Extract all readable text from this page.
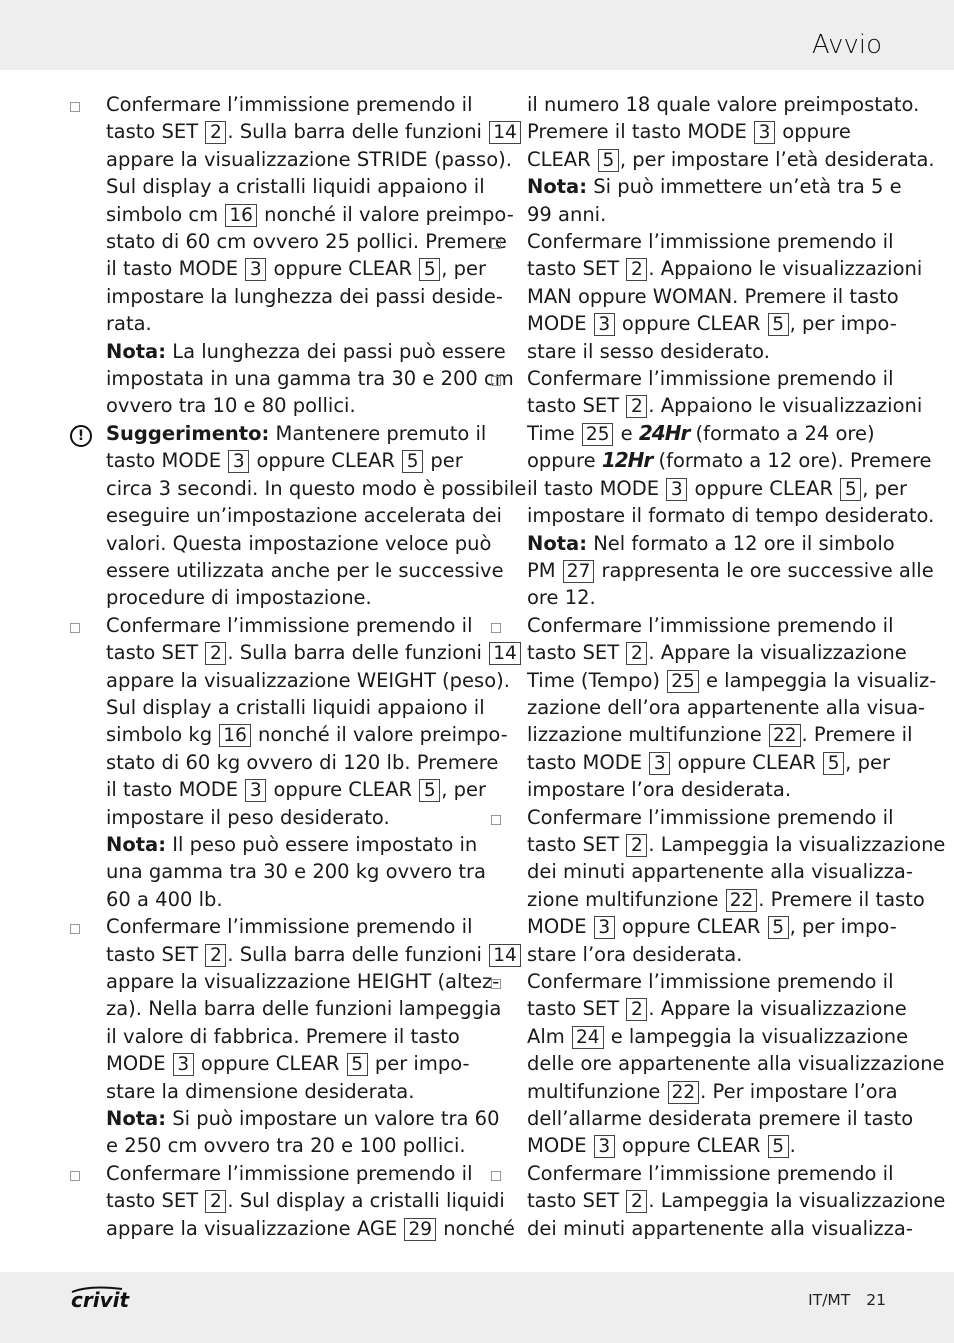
Avvio
Confermare l’immissione premendo il
tasto SET 2 . Sulla barra delle funzioni 14
appare la visualizzazione STRIDE (passo).
Sul display a cristalli liquidi appaiono il
simbolo cm 16 nonché il valore preimpo-
stato di 60 cm ovvero 25 pollici. Premere
il tasto MODE 3 oppure CLEAR 5 , per
impostare la lunghezza dei passi deside-
rata.
Nota: La lunghezza dei passi può essere
impostata in una gamma tra 30 e 200 cm
ovvero tra 10 e 80 pollici.
!	Suggerimento: Mantenere premuto il
tasto MODE 3 oppure CLEAR 5 per
circa 3 secondi. In questo modo è possibile
eseguire un’impostazione accelerata dei
valori. Questa impostazione veloce può
essere utilizzata anche per le successive
procedure di impostazione.
Confermare l’immissione premendo il
tasto SET 2 . Sulla barra delle funzioni 14
appare la visualizzazione WEIGHT (peso).
Sul display a cristalli liquidi appaiono il
simbolo kg 16 nonché il valore preimpo-
stato di 60 kg ovvero di 120 lb. Premere
il tasto MODE 3 oppure CLEAR 5 , per
impostare il peso desiderato.
Nota: Il peso può essere impostato in
una gamma tra 30 e 200 kg ovvero tra
60 a 400 lb.
Confermare l’immissione premendo il
tasto SET 2 . Sulla barra delle funzioni 14
appare la visualizzazione HEIGHT (altez-
za). Nella barra delle funzioni lampeggia
il valore di fabbrica. Premere il tasto
MODE 3 oppure CLEAR 5 per impo-
stare la dimensione desiderata.
Nota: Si può impostare un valore tra 60
e 250 cm ovvero tra 20 e 100 pollici.
Confermare l’immissione premendo il
tasto SET 2 . Sul display a cristalli liquidi
appare la visualizzazione AGE 29 nonché
il numero 18 quale valore preimpostato.
Premere il tasto MODE 3 oppure
CLEAR 5 , per impostare l’età desiderata.
Nota: Si può immettere un’età tra 5 e
99 anni.
Confermare l’immissione premendo il
tasto SET 2 . Appaiono le visualizzazioni
MAN oppure WOMAN. Premere il tasto
MODE 3 oppure CLEAR 5 , per impo-
stare il sesso desiderato.
Confermare l’immissione premendo il
tasto SET 2 . Appaiono le visualizzazioni
Time 25 e 24Hr (formato a 24 ore)
oppure 12Hr (formato a 12 ore). Premere
il tasto MODE 3 oppure CLEAR 5 , per
impostare il formato di tempo desiderato.
Nota: Nel formato a 12 ore il simbolo
PM 27 rappresenta le ore successive alle
ore 12.
Confermare l’immissione premendo il
tasto SET 2 . Appare la visualizzazione
Time (Tempo) 25 e lampeggia la visualiz-
zazione dell’ora appartenente alla visua-
lizzazione multifunzione 22 . Premere il
tasto MODE 3 oppure CLEAR 5 , per
impostare l’ora desiderata.
Confermare l’immissione premendo il
tasto SET 2 . Lampeggia la visualizzazione
dei minuti appartenente alla visualizza-
zione multifunzione 22 . Premere il tasto
MODE 3 oppure CLEAR 5 , per impo-
stare l’ora desiderata.
Confermare l’immissione premendo il
tasto SET 2 . Appare la visualizzazione
Alm 24 e lampeggia la visualizzazione
delle ore appartenente alla visualizzazione
multifunzione 22 . Per impostare l’ora
dell’allarme desiderata premere il tasto
MODE 3 oppure CLEAR 5 .
Confermare l’immissione premendo il
tasto SET 2 . Lampeggia la visualizzazione
dei minuti appartenente alla visualizza-
crivit	IT/MT 21
